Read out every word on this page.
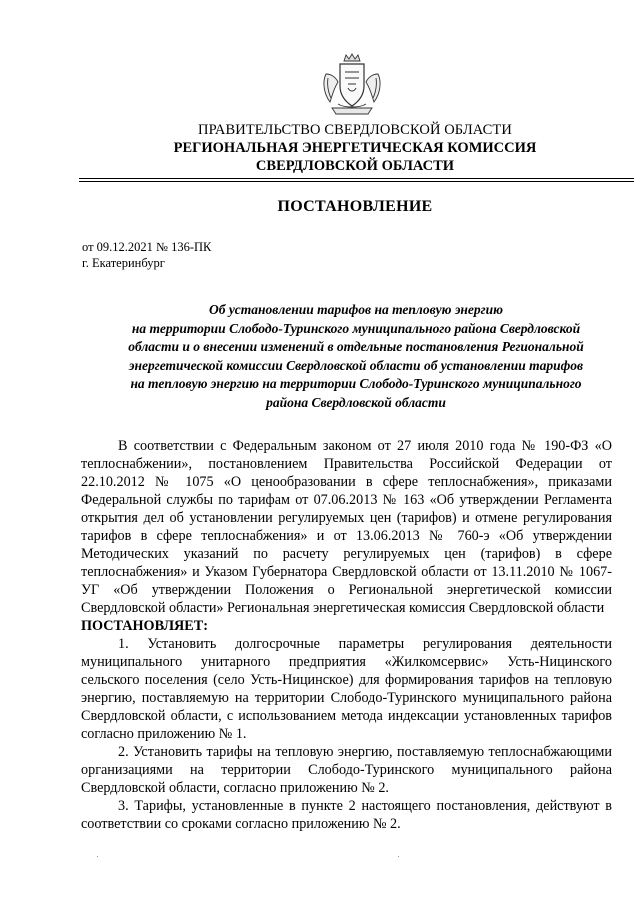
ПРАВИТЕЛЬСТВО СВЕРДЛОВСКОЙ ОБЛАСТИ
РЕГИОНАЛЬНАЯ ЭНЕРГЕТИЧЕСКАЯ КОМИССИЯ
СВЕРДЛОВСКОЙ ОБЛАСТИ
ПОСТАНОВЛЕНИЕ
от 09.12.2021 № 136-ПК
г. Екатеринбург
Об установлении тарифов на тепловую энергию
на территории Слободо-Туринского муниципального района Свердловской
области и о внесении изменений в отдельные постановления Региональной
энергетической комиссии Свердловской области об установлении тарифов
на тепловую энергию на территории Слободо-Туринского муниципального
района Свердловской области

В соответствии с Федеральным законом от 27 июля 2010 года № 190-ФЗ «О теплоснабжении», постановлением Правительства Российской Федерации от 22.10.2012 № 1075 «О ценообразовании в сфере теплоснабжения», приказами Федеральной службы по тарифам от 07.06.2013 № 163 «Об утверждении Регламента открытия дел об установлении регулируемых цен (тарифов) и отмене регулирования тарифов в сфере теплоснабжения» и от 13.06.2013 № 760-э «Об утверждении Методических указаний по расчету регулируемых цен (тарифов) в сфере теплоснабжения» и Указом Губернатора Свердловской области от 13.11.2010 № 1067-УГ «Об утверждении Положения о Региональной энергетической комиссии Свердловской области» Региональная энергетическая комиссия Свердловской области

ПОСТАНОВЛЯЕТ:

1. Установить долгосрочные параметры регулирования деятельности муниципального унитарного предприятия «Жилкомсервис» Усть-Ницинского сельского поселения (село Усть-Ницинское) для формирования тарифов на тепловую энергию, поставляемую на территории Слободо-Туринского муниципального района Свердловской области, с использованием метода индексации установленных тарифов согласно приложению № 1.

2. Установить тарифы на тепловую энергию, поставляемую теплоснабжающими организациями на территории Слободо-Туринского муниципального района Свердловской области, согласно приложению № 2.

3. Тарифы, установленные в пункте 2 настоящего постановления, действуют в соответствии со сроками согласно приложению № 2.
